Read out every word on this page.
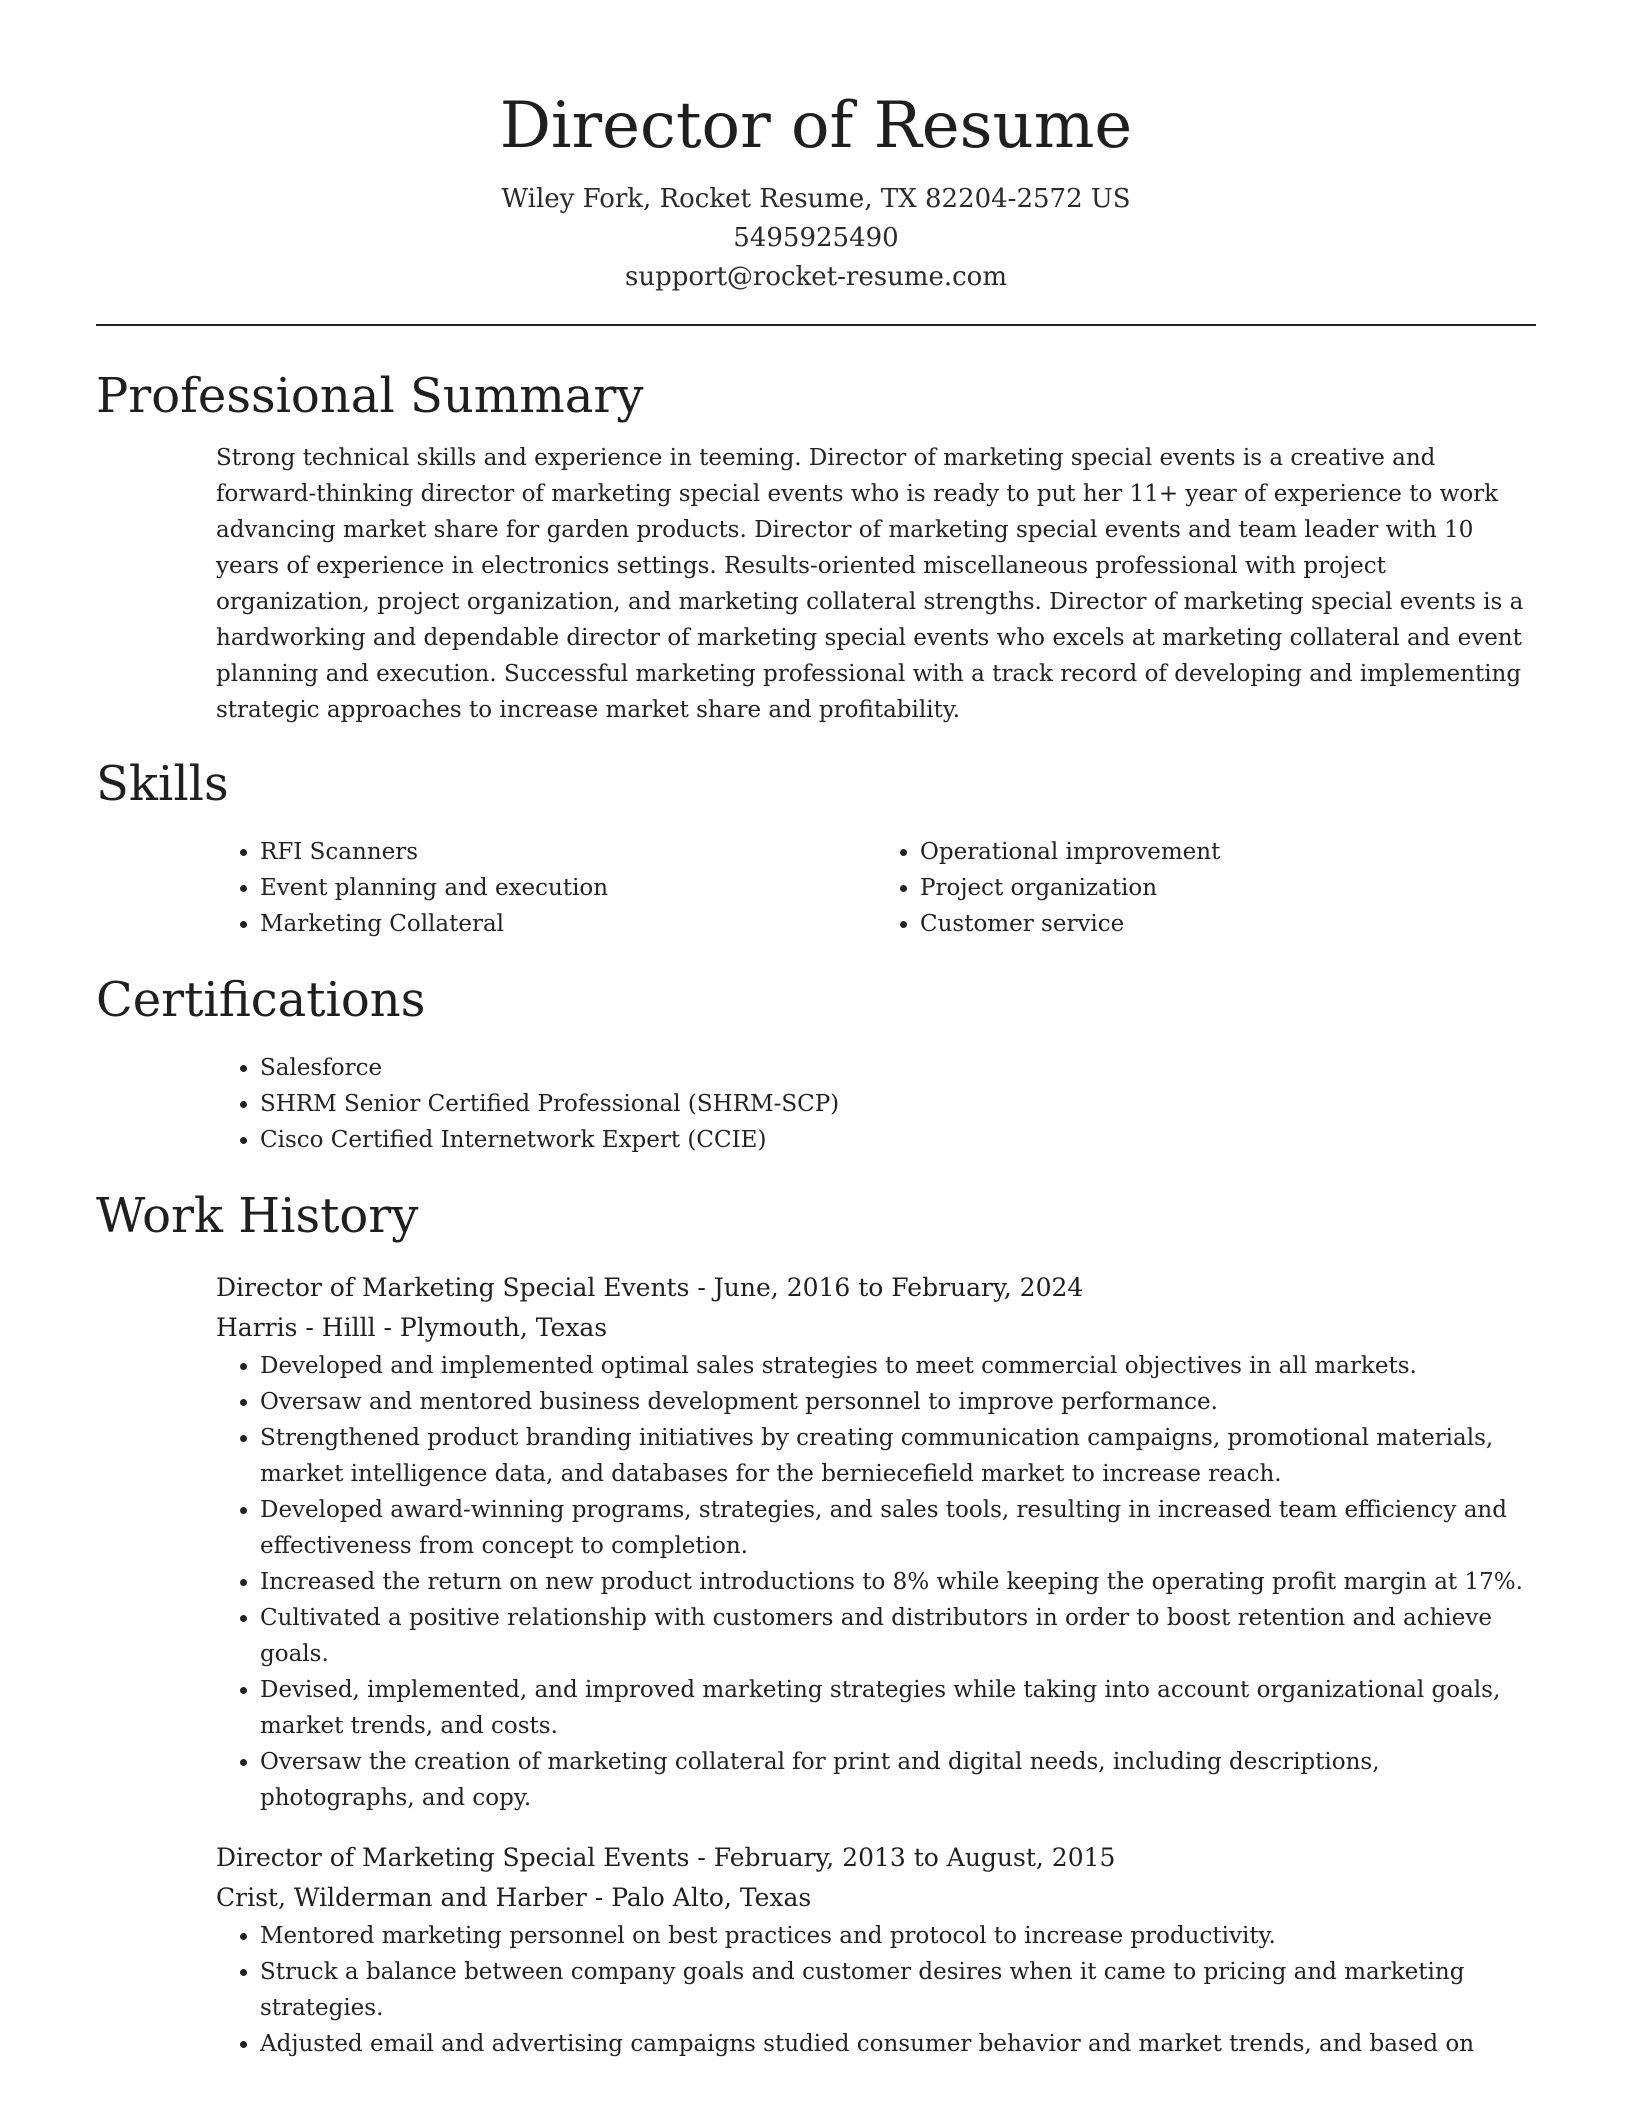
Director of Resume
Wiley Fork, Rocket Resume, TX 82204-2572 US
5495925490
support@rocket-resume.com
Professional Summary
Strong technical skills and experience in teeming. Director of marketing special events is a creative and forward-thinking director of marketing special events who is ready to put her 11+ year of experience to work advancing market share for garden products. Director of marketing special events and team leader with 10 years of experience in electronics settings. Results-oriented miscellaneous professional with project organization, project organization, and marketing collateral strengths. Director of marketing special events is a hardworking and dependable director of marketing special events who excels at marketing collateral and event planning and execution. Successful marketing professional with a track record of developing and implementing strategic approaches to increase market share and profitability.
Skills
• RFI Scanners
• Event planning and execution
• Marketing Collateral
• Operational improvement
• Project organization
• Customer service
Certifications
• Salesforce
• SHRM Senior Certified Professional (SHRM-SCP)
• Cisco Certified Internetwork Expert (CCIE)
Work History
Director of Marketing Special Events - June, 2016 to February, 2024
Harris - Hilll - Plymouth, Texas
• Developed and implemented optimal sales strategies to meet commercial objectives in all markets.
• Oversaw and mentored business development personnel to improve performance.
• Strengthened product branding initiatives by creating communication campaigns, promotional materials, market intelligence data, and databases for the berniecefield market to increase reach.
• Developed award-winning programs, strategies, and sales tools, resulting in increased team efficiency and effectiveness from concept to completion.
• Increased the return on new product introductions to 8% while keeping the operating profit margin at 17%.
• Cultivated a positive relationship with customers and distributors in order to boost retention and achieve goals.
• Devised, implemented, and improved marketing strategies while taking into account organizational goals, market trends, and costs.
• Oversaw the creation of marketing collateral for print and digital needs, including descriptions, photographs, and copy.
Director of Marketing Special Events - February, 2013 to August, 2015
Crist, Wilderman and Harber - Palo Alto, Texas
• Mentored marketing personnel on best practices and protocol to increase productivity.
• Struck a balance between company goals and customer desires when it came to pricing and marketing strategies.
• Adjusted email and advertising campaigns studied consumer behavior and market trends, and based on
